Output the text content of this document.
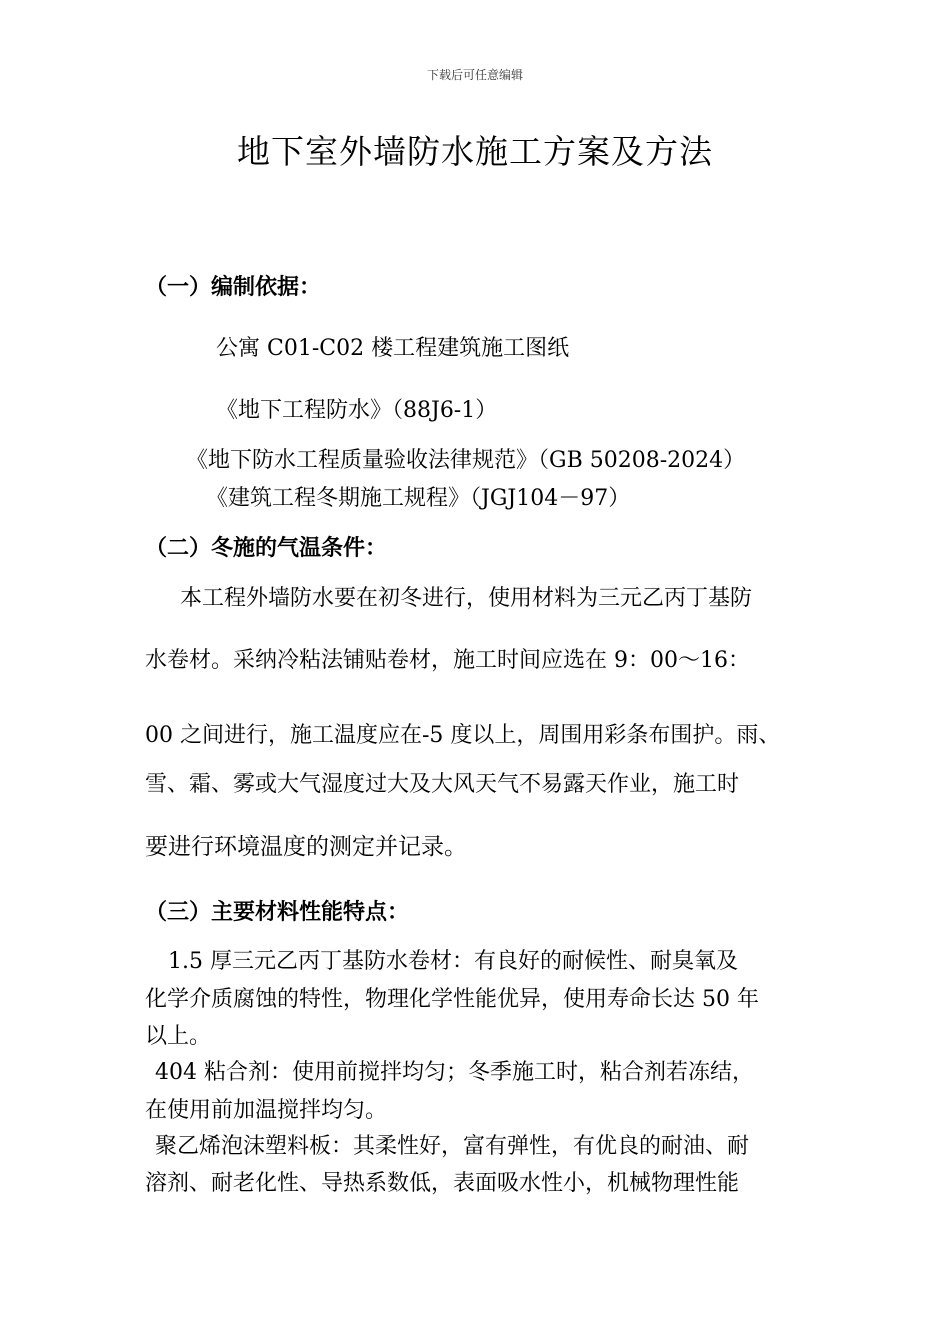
下载后可任意编辑
地下室外墙防水施工方案及方法
（一）编制依据：
公寓 C01-C02 楼工程建筑施工图纸
《地下工程防水》（88J6-1）
《地下防水工程质量验收法律规范》（GB 50208-2024）
《建筑工程冬期施工规程》（JGJ104－97）
（二）冬施的气温条件：
本工程外墙防水要在初冬进行，使用材料为三元乙丙丁基防
水卷材。采纳冷粘法铺贴卷材，施工时间应选在 9：00～16：
00 之间进行，施工温度应在-5 度以上，周围用彩条布围护。雨、
雪、霜、雾或大气湿度过大及大风天气不易露天作业，施工时
要进行环境温度的测定并记录。
（三）主要材料性能特点：
1.5 厚三元乙丙丁基防水卷材：有良好的耐候性、耐臭氧及
化学介质腐蚀的特性，物理化学性能优异，使用寿命长达 50 年
以上。
404 粘合剂：使用前搅拌均匀；冬季施工时，粘合剂若冻结，
在使用前加温搅拌均匀。
聚乙烯泡沫塑料板：其柔性好，富有弹性，有优良的耐油、耐
溶剂、耐老化性、导热系数低，表面吸水性小，机械物理性能
